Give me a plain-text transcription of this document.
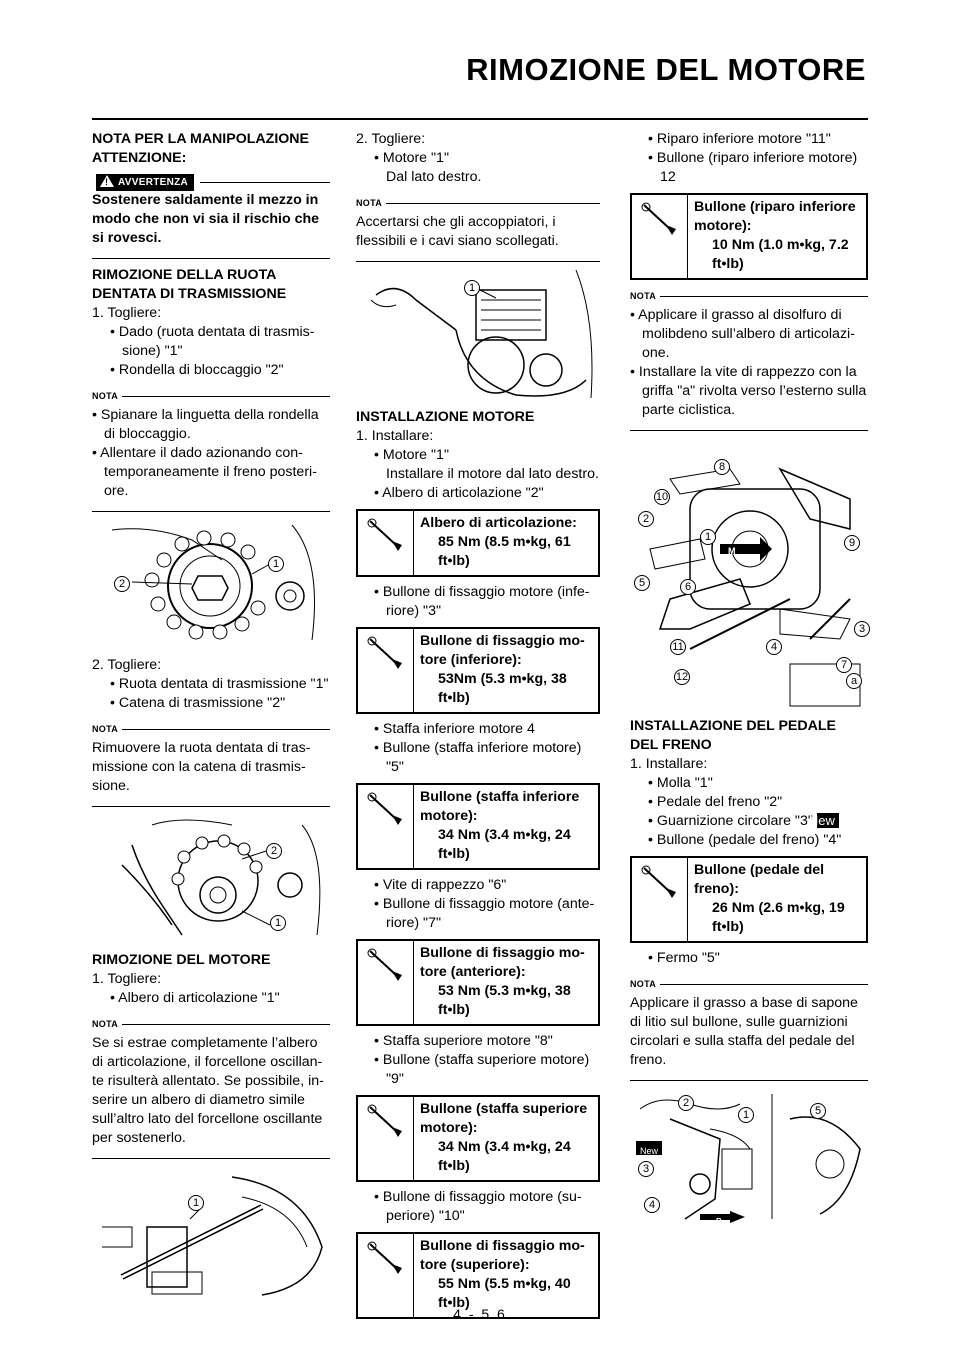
RIMOZIONE DEL MOTORE

NOTA PER LA MANIPOLAZIONE

ATTENZIONE:

! AVVERTENZA

Sostenere saldamente il mezzo in

modo che non vi sia il rischio che

si rovesci.

RIMOZIONE DELLA RUOTA

DENTATA DI TRASMISSIONE

1. Togliere:

• Dado (ruota dentata di trasmis-

sione) "1"

• Rondella di bloccaggio "2"

NOTA

• Spianare la linguetta della rondella

di bloccaggio.

• Allentare il dado azionando con-

temporaneamente il freno posteri-

ore.

2
1

2. Togliere:

• Ruota dentata di trasmissione "1"

• Catena di trasmissione "2"

NOTA

Rimuovere la ruota dentata di tras-

missione con la catena di trasmis-

sione.

2
1

RIMOZIONE DEL MOTORE

1. Togliere:

• Albero di articolazione "1"

NOTA

Se si estrae completamente l’albero

di articolazione, il forcellone oscillan-

te risulterà allentato. Se possibile, in-

serire un albero di diametro simile

sull’altro lato del forcellone oscillante

per sostenerlo.

1

2. Togliere:

• Motore "1"

Dal lato destro.

NOTA

Accertarsi che gli accoppiatori, i

flessibili e i cavi siano scollegati.

1

INSTALLAZIONE MOTORE

1. Installare:

• Motore "1"

Installare il motore dal lato destro.

• Albero di articolazione "2"

Albero di articolazione:
85 Nm (8.5 m•kg, 61
ft•lb)

• Bullone di fissaggio motore (infe-

riore) "3"

Bullone di fissaggio mo-
tore (inferiore):
53Nm (5.3 m•kg, 38
ft•lb)

• Staffa inferiore motore 4

• Bullone (staffa inferiore motore)

"5"

Bullone (staffa inferiore
motore):
34 Nm (3.4 m•kg, 24
ft•lb)

• Vite di rappezzo "6"

• Bullone di fissaggio motore (ante-

riore) "7"

Bullone di fissaggio mo-
tore (anteriore):
53 Nm (5.3 m•kg, 38
ft•lb)

• Staffa superiore motore "8"

• Bullone (staffa superiore motore)

"9"

Bullone (staffa superiore
motore):
34 Nm (3.4 m•kg, 24
ft•lb)

• Bullone di fissaggio motore (su-

periore) "10"

Bullone di fissaggio mo-
tore (superiore):
55 Nm (5.5 m•kg, 40
ft•lb)

• Riparo inferiore motore "11"

• Bullone (riparo inferiore motore)

12

Bullone (riparo inferiore
motore):
10 Nm (1.0 m•kg, 7.2
ft•lb)
NOTA

• Applicare il grasso al disolfuro di

molibdeno sull’albero di articolazi-

one.

• Installare la vite di rappezzo con la

griffa "a" rivolta verso l’esterno sulla

parte ciclistica.

2
1
3
4
5	6
7
8
9
10
11
12	a
M

INSTALLAZIONE DEL PEDALE

DEL FRENO

1. Installare:

• Molla "1"

• Pedale del freno "2"

• Guarnizione circolare "3"New

• Bullone (pedale del freno) "4"

Bullone (pedale del
freno):
26 Nm (2.6 m•kg, 19
ft•lb)

• Fermo "5"

NOTA

Applicare il grasso a base di sapone

di litio sul bullone, sulle guarnizioni

circolari e sulla staffa del pedale del

freno.

2
1
3
4
5
New
B
4 - 5 6
